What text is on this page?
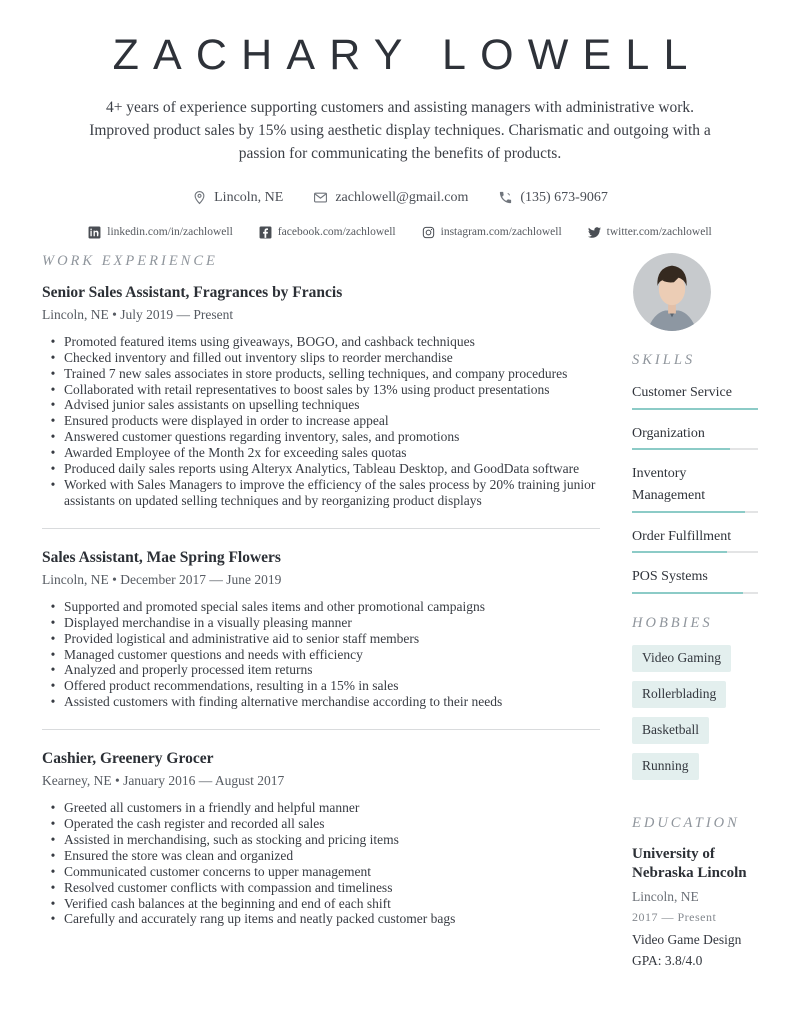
ZACHARY LOWELL

4+ years of experience supporting customers and assisting managers with administrative work. Improved product sales by 15% using aesthetic display techniques. Charismatic and outgoing with a passion for communicating the benefits of products.

Lincoln, NE	zachlowell@gmail.com	(135) 673-9067
linkedin.com/in/zachlowell	facebook.com/zachlowell	instagram.com/zachlowell	twitter.com/zachlowell
WORK EXPERIENCE
Senior Sales Assistant, Fragrances by Francis
Lincoln, NE • July 2019 — Present
• Promoted featured items using giveaways, BOGO, and cashback techniques
• Checked inventory and filled out inventory slips to reorder merchandise
• Trained 7 new sales associates in store products, selling techniques, and company procedures
• Collaborated with retail representatives to boost sales by 13% using product presentations
• Advised junior sales assistants on upselling techniques
• Ensured products were displayed in order to increase appeal
• Answered customer questions regarding inventory, sales, and promotions
• Awarded Employee of the Month 2x for exceeding sales quotas
• Produced daily sales reports using Alteryx Analytics, Tableau Desktop, and GoodData software
• Worked with Sales Managers to improve the efficiency of the sales process by 20% training junior assistants on updated selling techniques and by reorganizing product displays
Sales Assistant, Mae Spring Flowers
Lincoln, NE • December 2017 — June 2019
• Supported and promoted special sales items and other promotional campaigns
• Displayed merchandise in a visually pleasing manner
• Provided logistical and administrative aid to senior staff members
• Managed customer questions and needs with efficiency
• Analyzed and properly processed item returns
• Offered product recommendations, resulting in a 15% in sales
• Assisted customers with finding alternative merchandise according to their needs
Cashier, Greenery Grocer
Kearney, NE • January 2016 — August 2017
• Greeted all customers in a friendly and helpful manner
• Operated the cash register and recorded all sales
• Assisted in merchandising, such as stocking and pricing items
• Ensured the store was clean and organized
• Communicated customer concerns to upper management
• Resolved customer conflicts with compassion and timeliness
• Verified cash balances at the beginning and end of each shift
• Carefully and accurately rang up items and neatly packed customer bags
SKILLS
Customer Service
Organization
Inventory Management
Order Fulfillment
POS Systems
HOBBIES
Video Gaming
Rollerblading
Basketball
Running
EDUCATION
University of Nebraska Lincoln
Lincoln, NE
2017 — Present
Video Game Design
GPA: 3.8/4.0
